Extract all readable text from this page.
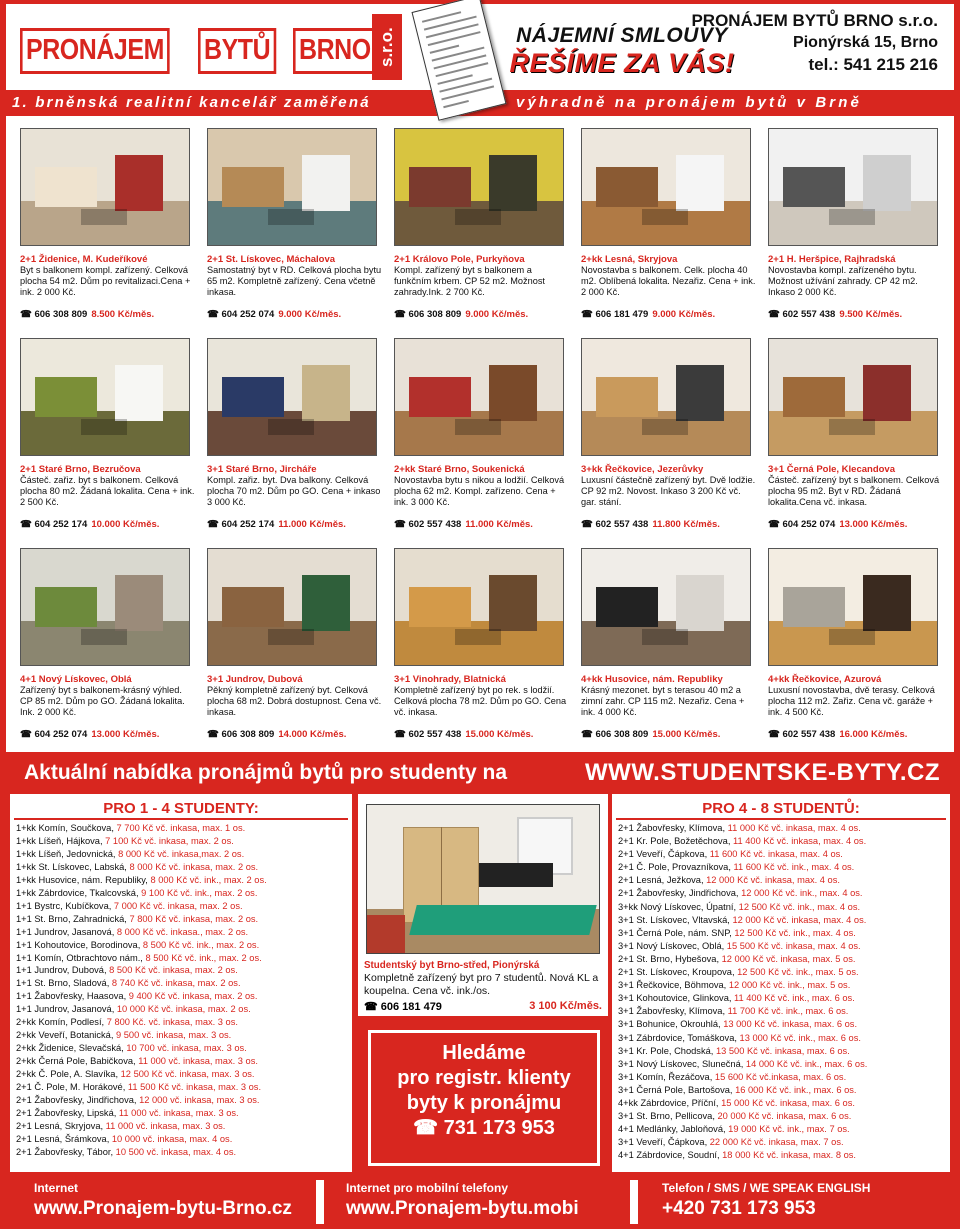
PRONÁJEM BYTŮ BRNO s.r.o.	NÁJEMNÍ SMLOUVY
ŘEŠÍME ZA VÁS!
PRONÁJEM BYTŮ BRNO s.r.o.
Pionýrská 15, Brno
tel.: 541 215 216
1. brněnská realitní kancelář zaměřená	výhradně na pronájem bytů v Brně
2+1 Židenice, M. Kudeříkové
Byt s balkonem kompl. zařízený. Celková plocha 54 m2. Dům po revitalizaci.Cena + ink. 2 000 Kč.
☎ 606 308 809 8.500 Kč/měs.
2+1 St. Lískovec, Máchalova
Samostatný byt v RD. Celková plocha bytu 65 m2. Kompletně zařízený. Cena včetně inkasa.
☎ 604 252 074 9.000 Kč/měs.
2+1 Královo Pole, Purkyňova
Kompl. zařízený byt s balkonem a funkčním krbem. CP 52 m2. Možnost zahrady.Ink. 2 700 Kč.
☎ 606 308 809 9.000 Kč/měs.
2+kk Lesná, Skryjova
Novostavba s balkonem. Celk. plocha 40 m2. Oblíbená lokalita. Nezařiz. Cena + ink. 2 000 Kč.
☎ 606 181 479 9.000 Kč/měs.
2+1 H. Heršpice, Rajhradská
Novostavba kompl. zařízeného bytu. Možnost užívání zahrady. CP 42 m2. Inkaso 2 000 Kč.
☎ 602 557 438 9.500 Kč/měs.
2+1 Staré Brno, Bezručova
Částeč. zařiz. byt s balkonem. Celková plocha 80 m2. Žádaná lokalita. Cena + ink. 2 500 Kč.
☎ 604 252 174 10.000 Kč/měs.
3+1 Staré Brno, Jircháře
Kompl. zařiz. byt. Dva balkony. Celková plocha 70 m2. Dům po GO. Cena + inkaso 3 000 Kč.
☎ 604 252 174 11.000 Kč/měs.
2+kk Staré Brno, Soukenická
Novostavba bytu s nikou a lodžií. Celková plocha 62 m2. Kompl. zařízeno. Cena + ink. 3 000 Kč.
☎ 602 557 438 11.000 Kč/měs.
3+kk Řečkovice, Jezerůvky
Luxusní částečně zařízený byt. Dvě lodžie. CP 92 m2. Novost. Inkaso 3 200 Kč vč. gar. stání.
☎ 602 557 438 11.800 Kč/měs.
3+1 Černá Pole, Klecandova
Částeč. zařízený byt s balkonem. Celková plocha 95 m2. Byt v RD. Žádaná lokalita.Cena vč. inkasa.
☎ 604 252 074 13.000 Kč/měs.
4+1 Nový Lískovec, Oblá
Zařízený byt s balkonem-krásný výhled. CP 85 m2. Dům po GO. Žádaná lokalita. Ink. 2 000 Kč.
☎ 604 252 074 13.000 Kč/měs.
3+1 Jundrov, Dubová
Pěkný kompletně zařízený byt. Celková plocha 68 m2. Dobrá dostupnost. Cena vč. inkasa.
☎ 606 308 809 14.000 Kč/měs.
3+1 Vinohrady, Blatnická
Kompletně zařízený byt po rek. s lodžií. Celková plocha 78 m2. Dům po GO. Cena vč. inkasa.
☎ 602 557 438 15.000 Kč/měs.
4+kk Husovice, nám. Republiky
Krásný mezonet. byt s terasou 40 m2 a zimní zahr. CP 115 m2. Nezařiz. Cena + ink. 4 000 Kč.
☎ 606 308 809 15.000 Kč/měs.
4+kk Řečkovice, Azurová
Luxusní novostavba, dvě terasy. Celková plocha 112 m2. Zařiz. Cena vč. garáže + ink. 4 500 Kč.
☎ 602 557 438 16.000 Kč/měs.
Aktuální nabídka pronájmů bytů pro studenty na	WWW.STUDENTSKE-BYTY.CZ
PRO 1 - 4 STUDENTY:
1+kk Komín, Součkova, 7 700 Kč vč. inkasa, max. 1 os.
1+kk Líšeň, Hájkova, 7 100 Kč vč. inkasa, max. 2 os.
1+kk Líšeň, Jedovnická, 8 000 Kč vč. inkasa,max. 2 os.
1+kk St. Lískovec, Labská, 8 000 Kč vč. inkasa, max. 2 os.
1+kk Husovice, nám. Republiky, 8 000 Kč vč. ink., max. 2 os.
1+kk Zábrdovice, Tkalcovská, 9 100 Kč vč. ink., max. 2 os.
1+1 Bystrc, Kubíčkova, 7 000 Kč vč. inkasa, max. 2 os.
1+1 St. Brno, Zahradnická, 7 800 Kč vč. inkasa, max. 2 os.
1+1 Jundrov, Jasanová, 8 000 Kč vč. inkasa., max. 2 os.
1+1 Kohoutovice, Borodinova, 8 500 Kč vč. ink., max. 2 os.
1+1 Komín, Otbrachtovo nám., 8 500 Kč vč. ink., max. 2 os.
1+1 Jundrov, Dubová, 8 500 Kč vč. inkasa, max. 2 os.
1+1 St. Brno, Sladová, 8 740 Kč vč. inkasa, max. 2 os.
1+1 Žabovřesky, Haasova, 9 400 Kč vč. inkasa, max. 2 os.
1+1 Jundrov, Jasanová, 10 000 Kč vč. inkasa, max. 2 os.
2+kk Komín, Podlesí, 7 800 Kč. vč. inkasa, max. 3 os.
2+kk Veveří, Botanická, 9 500 vč. inkasa, max. 3 os.
2+kk Židenice, Slevačská, 10 700 vč. inkasa, max. 3 os.
2+kk Černá Pole, Babičkova, 11 000 vč. inkasa, max. 3 os.
2+kk Č. Pole, A. Slavíka, 12 500 Kč vč. inkasa, max. 3 os.
2+1 Č. Pole, M. Horákové, 11 500 Kč vč. inkasa, max. 3 os.
2+1 Žabovřesky, Jindřichova, 12 000 vč. inkasa, max. 3 os.
2+1 Žabovřesky, Lipská, 11 000 vč. inkasa, max. 3 os.
2+1 Lesná, Skryjova, 11 000 vč. inkasa, max. 3 os.
2+1 Lesná, Šrámkova, 10 000 vč. inkasa, max. 4 os.
2+1 Žabovřesky, Tábor, 10 500 vč. inkasa, max. 4 os.
Studentský byt Brno-střed, Pionýrská
Kompletně zařízený byt pro 7 studentů. Nová KL a koupelna. Cena vč. ink./os.
☎ 606 181 479	3 100 Kč/měs.
Hledáme
pro registr. klienty
byty k pronájmu
☎ 731 173 953
PRO 4 - 8 STUDENTŮ:
2+1 Žabovřesky, Klímova, 11 000 Kč vč. inkasa, max. 4 os.
2+1 Kr. Pole, Božetěchova, 11 400 Kč vč. inkasa, max. 4 os.
2+1 Veveří, Čápkova, 11 600 Kč vč. inkasa, max. 4 os.
2+1 Č. Pole, Provazníkova, 11 600 Kč vč. ink., max. 4 os.
2+1 Lesná, Ježkova, 12 000 Kč vč. inkasa, max. 4 os.
2+1 Žabovřesky, Jindřichova, 12 000 Kč vč. ink., max. 4 os.
3+kk Nový Lískovec, Úpatní, 12 500 Kč vč. ink., max. 4 os.
3+1 St. Lískovec, Vltavská, 12 000 Kč vč. inkasa, max. 4 os.
3+1 Černá Pole, nám. SNP, 12 500 Kč vč. ink., max. 4 os.
3+1 Nový Lískovec, Oblá, 15 500 Kč vč. inkasa, max. 4 os.
2+1 St. Brno, Hybešova, 12 000 Kč vč. inkasa, max. 5 os.
2+1 St. Lískovec, Kroupova, 12 500 Kč vč. ink., max. 5 os.
3+1 Řečkovice, Böhmova, 12 000 Kč vč. ink., max. 5 os.
3+1 Kohoutovice, Glinkova, 11 400 Kč vč. ink., max. 6 os.
3+1 Žabovřesky, Klímova, 11 700 Kč vč. ink., max. 6 os.
3+1 Bohunice, Okrouhlá, 13 000 Kč vč. inkasa, max. 6 os.
3+1 Zábrdovice, Tomáškova, 13 000 Kč vč. ink., max. 6 os.
3+1 Kr. Pole, Chodská, 13 500 Kč vč. inkasa, max. 6 os.
3+1 Nový Lískovec, Slunečná, 14 000 Kč vč. ink., max. 6 os.
3+1 Komín, Řezáčova, 15 600 Kč vč.inkasa, max. 6 os.
3+1 Černá Pole, Bartošova, 16 000 Kč vč. ink., max. 6 os.
4+kk Zábrdovice, Příční, 15 000 Kč vč. inkasa, max. 6 os.
3+1 St. Brno, Pellicova, 20 000 Kč vč. inkasa, max. 6 os.
4+1 Medlánky, Jabloňová, 19 000 Kč vč. ink., max. 7 os.
3+1 Veveří, Čápkova, 22 000 Kč vč. inkasa, max. 7 os.
4+1 Zábrdovice, Soudní, 18 000 Kč vč. inkasa, max. 8 os.
Internet
www.Pronajem-bytu-Brno.cz
Internet pro mobilní telefony
www.Pronajem-bytu.mobi
Telefon / SMS / WE SPEAK ENGLISH
+420 731 173 953
